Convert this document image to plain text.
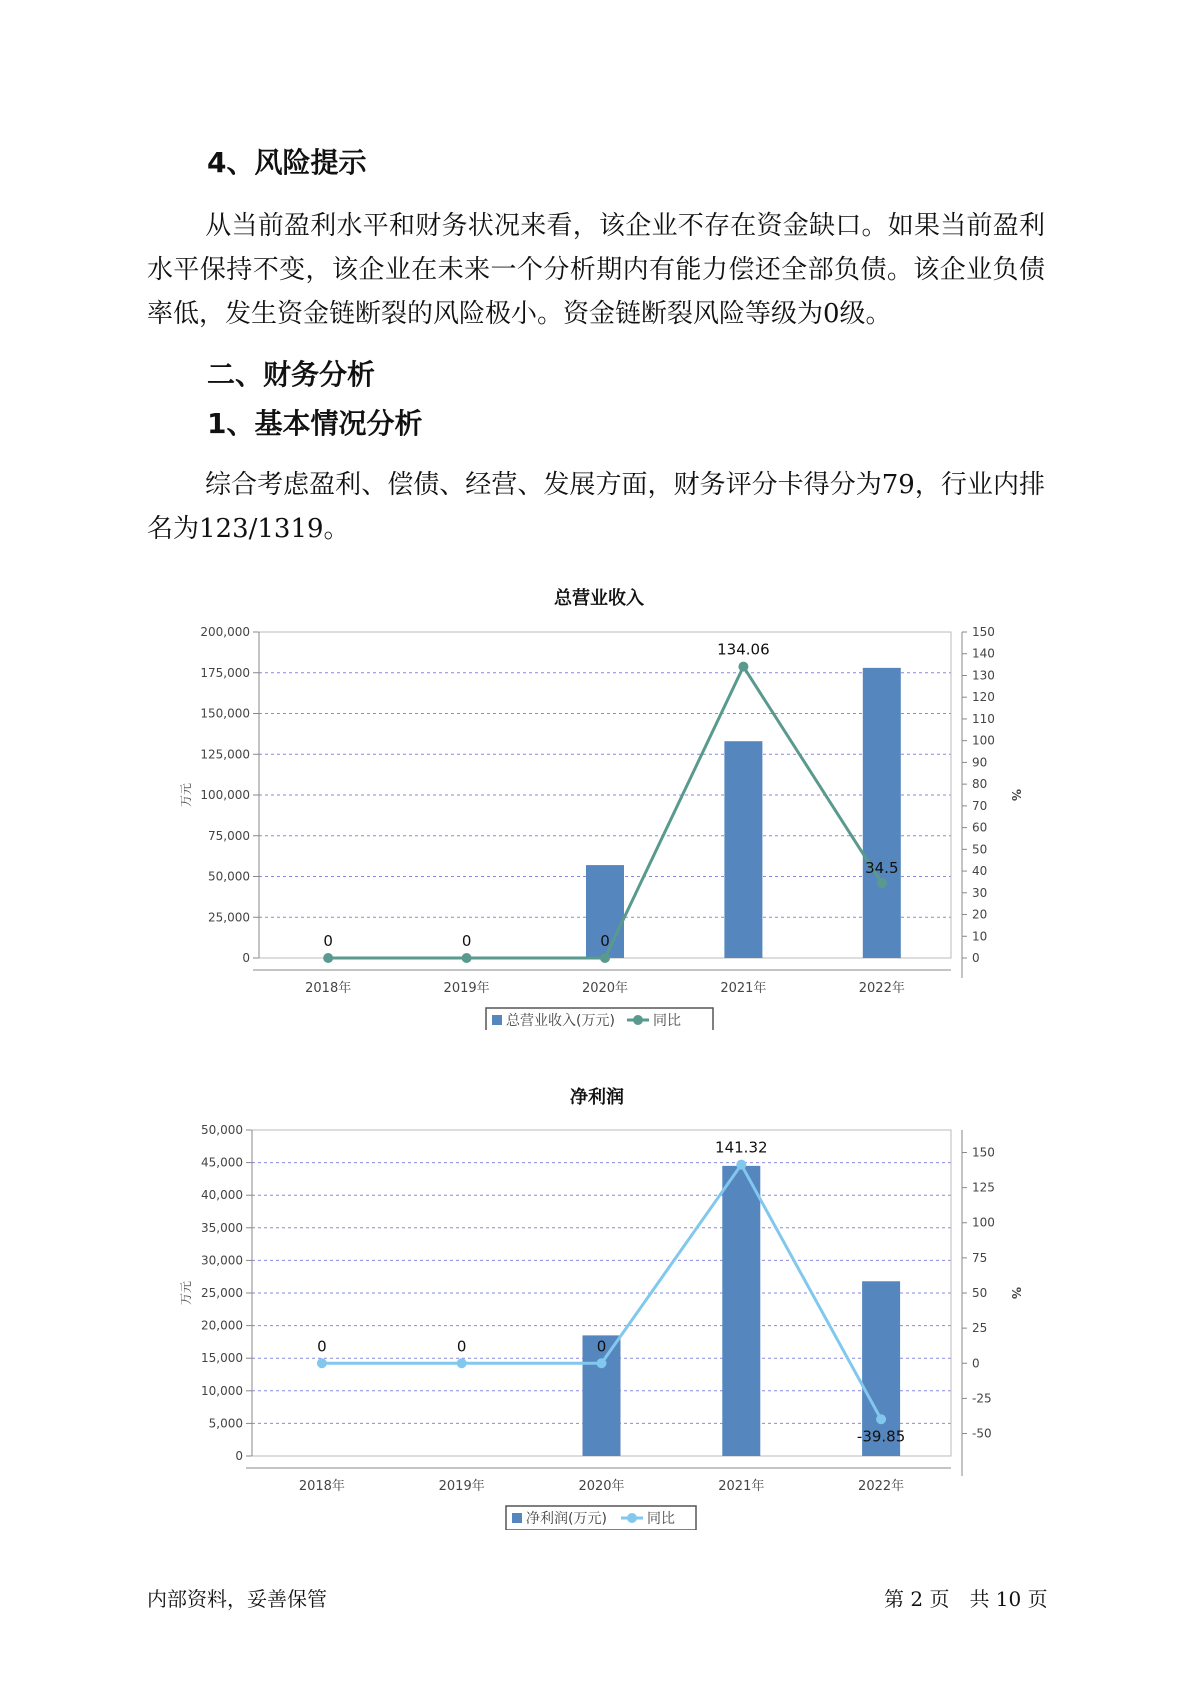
4、风险提示

从当前盈利水平和财务状况来看，该企业不存在资金缺口。如果当前盈利水平保持不变，该企业在未来一个分析期内有能力偿还全部负债。该企业负债率低，发生资金链断裂的风险极小。资金链断裂风险等级为0级。

二、财务分析
1、基本情况分析

综合考虑盈利、偿债、经营、发展方面，财务评分卡得分为79，行业内排名为123/1319。

总营业收入
0
25,000
50,000
75,000
100,000
125,000
150,000
175,000
200,000
0
10
20
30
40
50
60
70
80
90
100
110
120
130
140
150
万元	%
2018年	2019年	2020年	2021年	2022年
0	0	0
134.06
34.5
总营业收入(万元)	同比
净利润
0
5,000
10,000
15,000
20,000
25,000
30,000
35,000
40,000
45,000
50,000
-50
-25
0
25
50
75
100
125
150
万元	%
2018年	2019年	2020年	2021年	2022年
0	0	0
141.32
-39.85
净利润(万元)	同比
内部资料，妥善保管	第 2 页　共 10 页
